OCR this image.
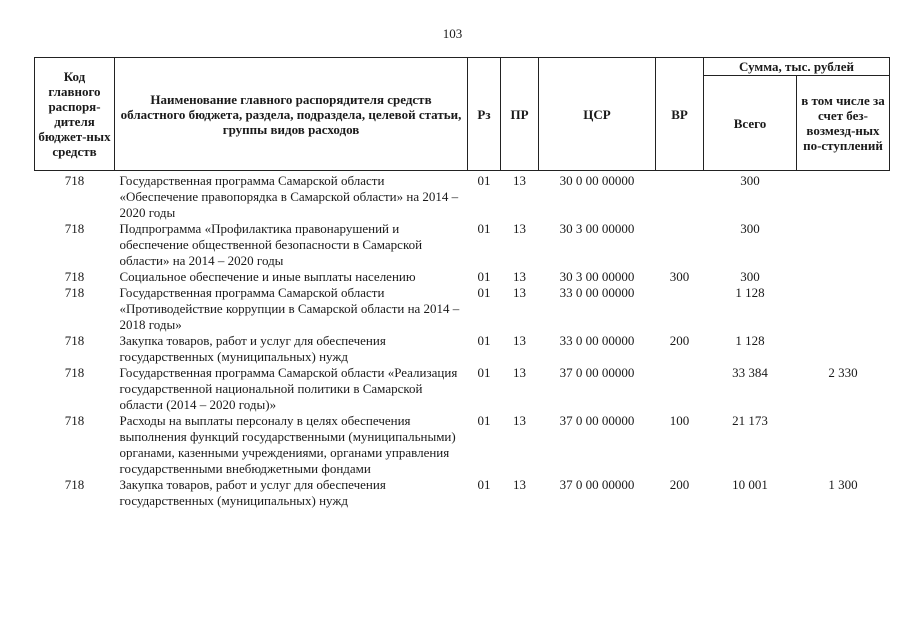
103
Код главного распоря-дителя бюджет-ных средств	Наименование главного распорядителя средств областного бюджета, раздела, подраздела, целевой статьи, группы видов расходов	Рз	ПР	ЦСР	ВР	Сумма, тыс. рублей	
						Всего	в том числе за счет без-возмезд-ных по-ступлений
718	Государственная программа Самарской области «Обеспечение правопорядка в Самарской области» на 2014 – 2020 годы	01	13	30 0 00 00000		300	
718	Подпрограмма «Профилактика правонарушений и обеспечение общественной безопасности в Самарской области» на 2014 – 2020 годы	01	13	30 3 00 00000		300	
718	Социальное обеспечение и иные выплаты населению	01	13	30 3 00 00000	300	300	
718	Государственная программа Самарской области «Противодействие коррупции в Самарской области на 2014 – 2018 годы»	01	13	33 0 00 00000		1 128	
718	Закупка товаров, работ и услуг для обеспечения государственных (муниципальных) нужд	01	13	33 0 00 00000	200	1 128	
718	Государственная программа Самарской области «Реализация государственной национальной политики в Самарской области (2014 – 2020 годы)»	01	13	37 0 00 00000		33 384	2 330
718	Расходы на выплаты персоналу в целях обеспечения выполнения функций государственными (муниципальными) органами, казенными учреждениями, органами управления государственными внебюджетными фондами	01	13	37 0 00 00000	100	21 173	
718	Закупка товаров, работ и услуг для обеспечения государственных (муниципальных) нужд	01	13	37 0 00 00000	200	10 001	1 300
